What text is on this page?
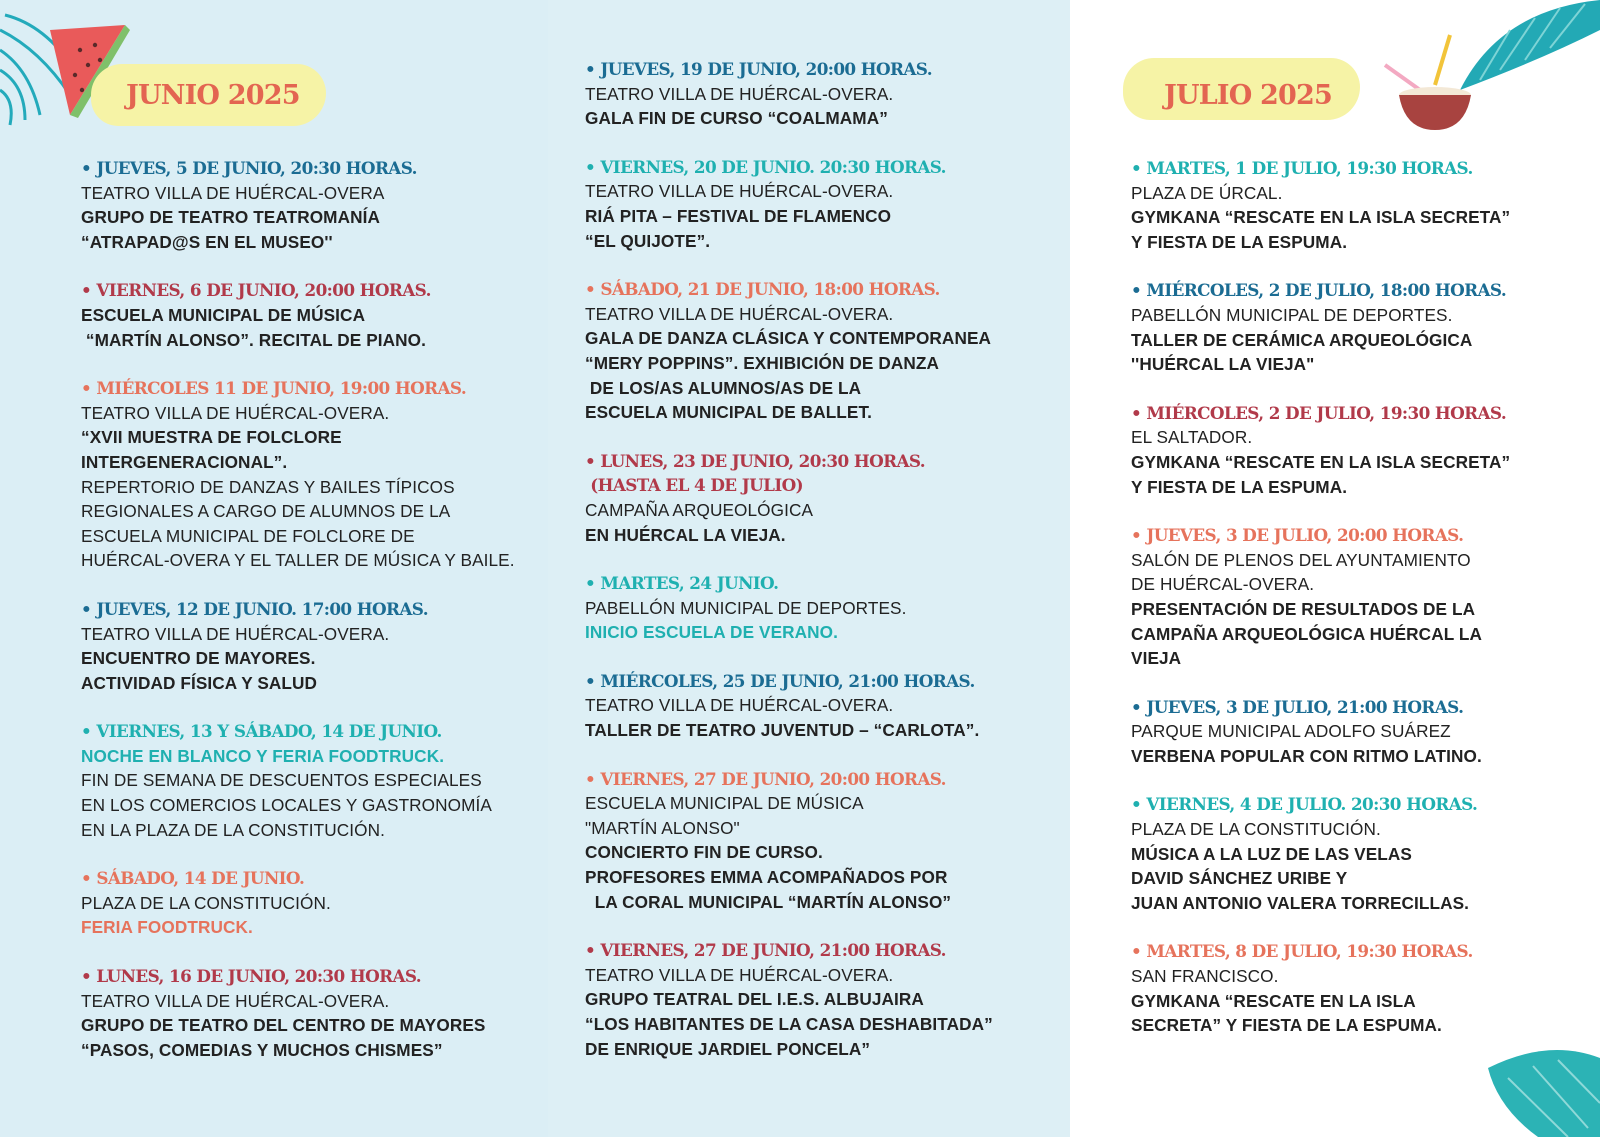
JUNIO 2025	JULIO 2025
• JUEVES, 5 DE JUNIO, 20:30 HORAS.
TEATRO VILLA DE HUÉRCAL-OVERA
GRUPO DE TEATRO TEATROMANÍA
“ATRAPAD@S EN EL MUSEO''
• VIERNES, 6 DE JUNIO, 20:00 HORAS.
ESCUELA MUNICIPAL DE MÚSICA
“MARTÍN ALONSO”. RECITAL DE PIANO.
• MIÉRCOLES 11 DE JUNIO, 19:00 HORAS.
TEATRO VILLA DE HUÉRCAL-OVERA.
“XVII MUESTRA DE FOLCLORE
INTERGENERACIONAL”.
REPERTORIO DE DANZAS Y BAILES TÍPICOS
REGIONALES A CARGO DE ALUMNOS DE LA
ESCUELA MUNICIPAL DE FOLCLORE DE
HUÉRCAL-OVERA Y EL TALLER DE MÚSICA Y BAILE.
• JUEVES, 12 DE JUNIO. 17:00 HORAS.
TEATRO VILLA DE HUÉRCAL-OVERA.
ENCUENTRO DE MAYORES.
ACTIVIDAD FÍSICA Y SALUD
• VIERNES, 13 Y SÁBADO, 14 DE JUNIO.
NOCHE EN BLANCO Y FERIA FOODTRUCK.
FIN DE SEMANA DE DESCUENTOS ESPECIALES
EN LOS COMERCIOS LOCALES Y GASTRONOMÍA
EN LA PLAZA DE LA CONSTITUCIÓN.
• SÁBADO, 14 DE JUNIO.
PLAZA DE LA CONSTITUCIÓN.
FERIA FOODTRUCK.
• LUNES, 16 DE JUNIO, 20:30 HORAS.
TEATRO VILLA DE HUÉRCAL-OVERA.
GRUPO DE TEATRO DEL CENTRO DE MAYORES
“PASOS, COMEDIAS Y MUCHOS CHISMES”
• JUEVES, 19 DE JUNIO, 20:00 HORAS.
TEATRO VILLA DE HUÉRCAL-OVERA.
GALA FIN DE CURSO “COALMAMA”
• VIERNES, 20 DE JUNIO. 20:30 HORAS.
TEATRO VILLA DE HUÉRCAL-OVERA.
RIÁ PITA – FESTIVAL DE FLAMENCO
“EL QUIJOTE”.
• SÁBADO, 21 DE JUNIO, 18:00 HORAS.
TEATRO VILLA DE HUÉRCAL-OVERA.
GALA DE DANZA CLÁSICA Y CONTEMPORANEA
“MERY POPPINS”. EXHIBICIÓN DE DANZA
DE LOS/AS ALUMNOS/AS DE LA
ESCUELA MUNICIPAL DE BALLET.
• LUNES, 23 DE JUNIO, 20:30 HORAS.
(HASTA EL 4 DE JULIO)
CAMPAÑA ARQUEOLÓGICA
EN HUÉRCAL LA VIEJA.
• MARTES, 24 JUNIO.
PABELLÓN MUNICIPAL DE DEPORTES.
INICIO ESCUELA DE VERANO.
• MIÉRCOLES, 25 DE JUNIO, 21:00 HORAS.
TEATRO VILLA DE HUÉRCAL-OVERA.
TALLER DE TEATRO JUVENTUD – “CARLOTA”.
• VIERNES, 27 DE JUNIO, 20:00 HORAS.
ESCUELA MUNICIPAL DE MÚSICA
"MARTÍN ALONSO"
CONCIERTO FIN DE CURSO.
PROFESORES EMMA ACOMPAÑADOS POR
LA CORAL MUNICIPAL “MARTÍN ALONSO”
• VIERNES, 27 DE JUNIO, 21:00 HORAS.
TEATRO VILLA DE HUÉRCAL-OVERA.
GRUPO TEATRAL DEL I.E.S. ALBUJAIRA
“LOS HABITANTES DE LA CASA DESHABITADA”
DE ENRIQUE JARDIEL PONCELA”
• MARTES, 1 DE JULIO, 19:30 HORAS.
PLAZA DE ÚRCAL.
GYMKANA “RESCATE EN LA ISLA SECRETA”
Y FIESTA DE LA ESPUMA.
• MIÉRCOLES, 2 DE JULIO, 18:00 HORAS.
PABELLÓN MUNICIPAL DE DEPORTES.
TALLER DE CERÁMICA ARQUEOLÓGICA
''HUÉRCAL LA VIEJA"
• MIÉRCOLES, 2 DE JULIO, 19:30 HORAS.
EL SALTADOR.
GYMKANA “RESCATE EN LA ISLA SECRETA”
Y FIESTA DE LA ESPUMA.
• JUEVES, 3 DE JULIO, 20:00 HORAS.
SALÓN DE PLENOS DEL AYUNTAMIENTO
DE HUÉRCAL-OVERA.
PRESENTACIÓN DE RESULTADOS DE LA
CAMPAÑA ARQUEOLÓGICA HUÉRCAL LA
VIEJA
• JUEVES, 3 DE JULIO, 21:00 HORAS.
PARQUE MUNICIPAL ADOLFO SUÁREZ
VERBENA POPULAR CON RITMO LATINO.
• VIERNES, 4 DE JULIO. 20:30 HORAS.
PLAZA DE LA CONSTITUCIÓN.
MÚSICA A LA LUZ DE LAS VELAS
DAVID SÁNCHEZ URIBE Y
JUAN ANTONIO VALERA TORRECILLAS.
• MARTES, 8 DE JULIO, 19:30 HORAS.
SAN FRANCISCO.
GYMKANA “RESCATE EN LA ISLA
SECRETA” Y FIESTA DE LA ESPUMA.
